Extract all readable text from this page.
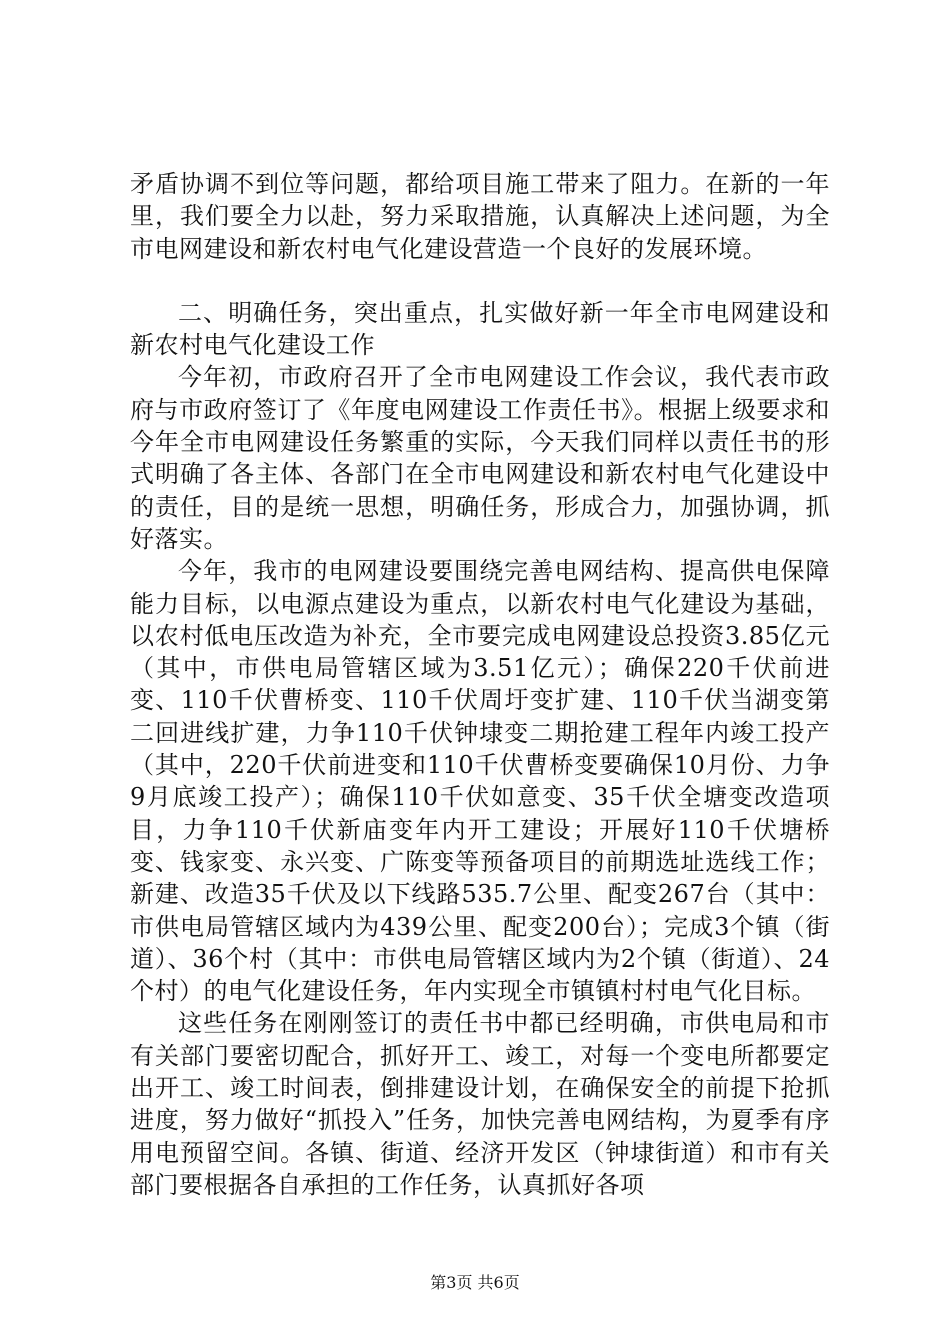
矛盾协调不到位等问题，都给项目施工带来了阻力。在新的一年里，我们要全力以赴，努力采取措施，认真解决上述问题，为全市电网建设和新农村电气化建设营造一个良好的发展环境。

二、明确任务，突出重点，扎实做好新一年全市电网建设和新农村电气化建设工作

今年初，市政府召开了全市电网建设工作会议，我代表市政府与市政府签订了《年度电网建设工作责任书》。根据上级要求和今年全市电网建设任务繁重的实际，今天我们同样以责任书的形式明确了各主体、各部门在全市电网建设和新农村电气化建设中的责任，目的是统一思想，明确任务，形成合力，加强协调，抓好落实。

今年，我市的电网建设要围绕完善电网结构、提高供电保障能力目标，以电源点建设为重点，以新农村电气化建设为基础，以农村低电压改造为补充，全市要完成电网建设总投资3.85亿元（其中，市供电局管辖区域为3.51亿元）；确保220千伏前进变、110千伏曹桥变、110千伏周圩变扩建、110千伏当湖变第二回进线扩建，力争110千伏钟埭变二期抢建工程年内竣工投产（其中，220千伏前进变和110千伏曹桥变要确保10月份、力争9月底竣工投产）；确保110千伏如意变、35千伏全塘变改造项目，力争110千伏新庙变年内开工建设；开展好110千伏塘桥变、钱家变、永兴变、广陈变等预备项目的前期选址选线工作；新建、改造35千伏及以下线路535.7公里、配变267台（其中：市供电局管辖区域内为439公里、配变200台）；完成3个镇（街道）、36个村（其中：市供电局管辖区域内为2个镇（街道）、24个村）的电气化建设任务，年内实现全市镇镇村村电气化目标。

这些任务在刚刚签订的责任书中都已经明确，市供电局和市有关部门要密切配合，抓好开工、竣工，对每一个变电所都要定出开工、竣工时间表，倒排建设计划，在确保安全的前提下抢抓进度，努力做好“抓投入”任务，加快完善电网结构，为夏季有序用电预留空间。各镇、街道、经济开发区（钟埭街道）和市有关部门要根据各自承担的工作任务，认真抓好各项

第3页 共6页
